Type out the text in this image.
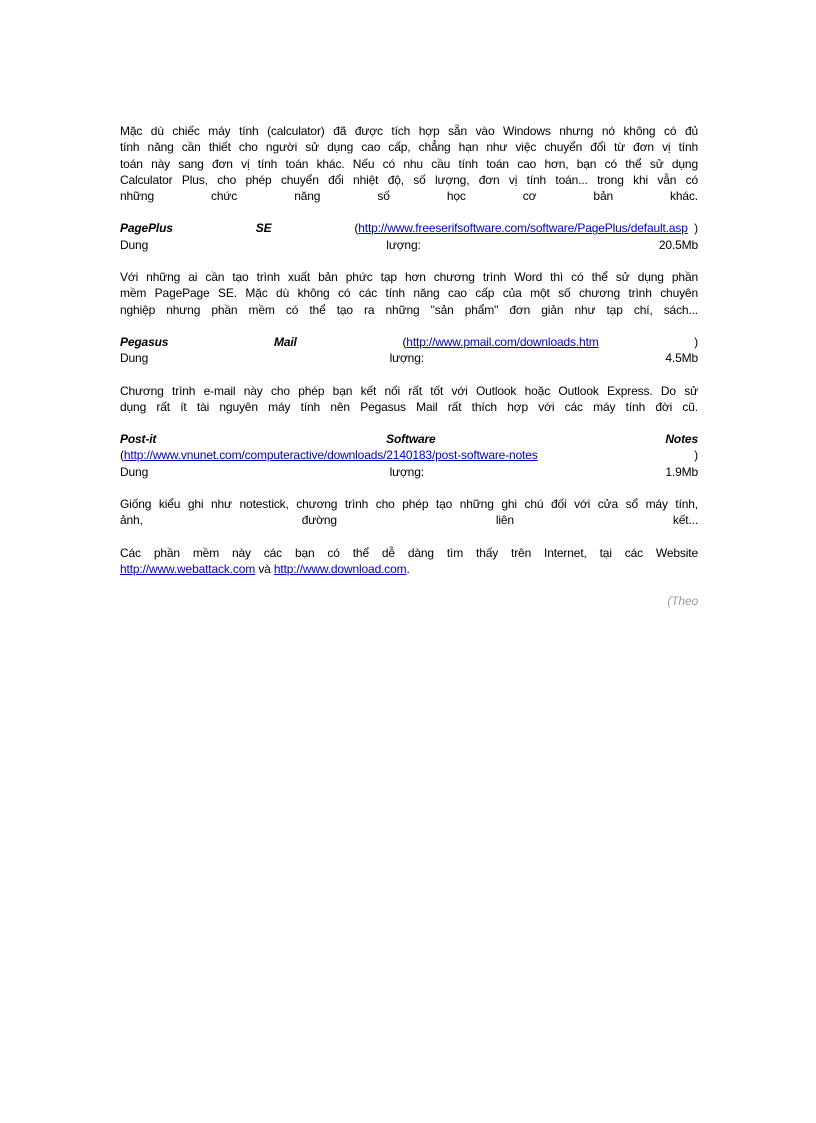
Mặc dù chiếc máy tính (calculator) đã được tích hợp sẵn vào Windows nhưng nó không có đủ

tính năng cần thiết cho người sử dụng cao cấp, chẳng hạn như việc chuyển đổi từ đơn vị tính

toán này sang đơn vị tính toán khác. Nếu có nhu cầu tính toán cao hơn, bạn có thể sử dụng

Calculator Plus, cho phép chuyển đổi nhiệt độ, số lượng, đơn vị tính toán... trong khi vẫn có

những chức năng số học cơ bản khác.

PagePlus	SE	(http://www.freeserifsoftware.com/software/PagePlus/default.asp  )
Dung	lượng:	20.5Mb

Với những ai cần tạo trình xuất bản phức tạp hơn chương trình Word thì có thể sử dụng phần

mềm PagePage SE. Mặc dù không có các tính năng cao cấp của một số chương trình chuyên

nghiệp nhưng phần mềm có thể tạo ra những "sản phẩm" đơn giản như tạp chí, sách...

Pegasus	Mail	(http://www.pmail.com/downloads.htm                              )
Dung	lượng:	4.5Mb

Chương trình e-mail này cho phép bạn kết nối rất tốt với Outlook hoặc Outlook Express. Do sử

dụng rất ít tài nguyên máy tính nên Pegasus Mail rất thích hợp với các máy tính đời cũ.

Post-it	Software	Notes
(http://www.vnunet.com/computeractive/downloads/2140183/post-software-notes	)
Dung	lượng:	1.9Mb

Giống kiểu ghi như notestick, chương trình cho phép tạo những ghi chú đối với cửa sổ máy tính,

ảnh, đường liên kết...

Các phần mềm này các bạn có thể dễ dàng tìm thấy trên Internet, tại các Website

http://www.webattack.com và http://www.download.com.

(Theo
